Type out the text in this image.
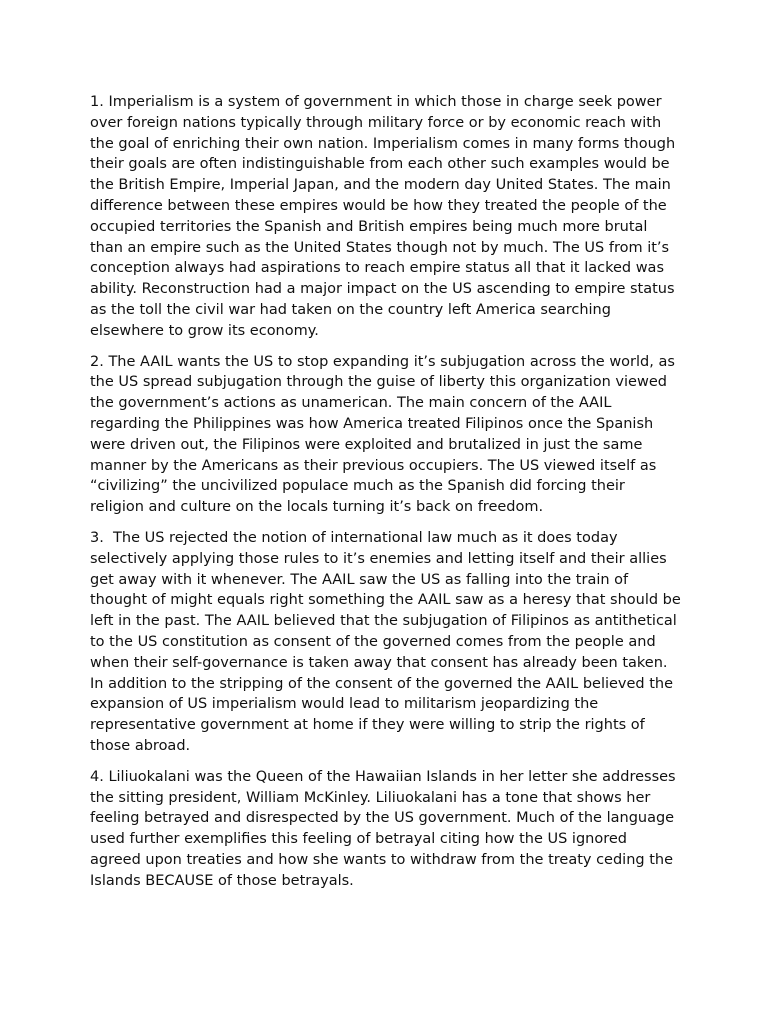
1. Imperialism is a system of government in which those in charge seek power over foreign nations typically through military force or by economic reach with the goal of enriching their own nation. Imperialism comes in many forms though their goals are often indistinguishable from each other such examples would be the British Empire, Imperial Japan, and the modern day United States. The main difference between these empires would be how they treated the people of the occupied territories the Spanish and British empires being much more brutal than an empire such as the United States though not by much. The US from it’s conception always had aspirations to reach empire status all that it lacked was ability. Reconstruction had a major impact on the US ascending to empire status as the toll the civil war had taken on the country left America searching elsewhere to grow its economy.

2. The AAIL wants the US to stop expanding it’s subjugation across the world, as the US spread subjugation through the guise of liberty this organization viewed the government’s actions as unamerican. The main concern of the AAIL regarding the Philippines was how America treated Filipinos once the Spanish were driven out, the Filipinos were exploited and brutalized in just the same manner by the Americans as their previous occupiers. The US viewed itself as “civilizing” the uncivilized populace much as the Spanish did forcing their religion and culture on the locals turning it’s back on freedom.

3.  The US rejected the notion of international law much as it does today selectively applying those rules to it’s enemies and letting itself and their allies get away with it whenever. The AAIL saw the US as falling into the train of thought of might equals right something the AAIL saw as a heresy that should be left in the past. The AAIL believed that the subjugation of Filipinos as antithetical to the US constitution as consent of the governed comes from the people and when their self-governance is taken away that consent has already been taken. In addition to the stripping of the consent of the governed the AAIL believed the expansion of US imperialism would lead to militarism jeopardizing the representative government at home if they were willing to strip the rights of those abroad.

4. Liliuokalani was the Queen of the Hawaiian Islands in her letter she addresses the sitting president, William McKinley. Liliuokalani has a tone that shows her feeling betrayed and disrespected by the US government. Much of the language used further exemplifies this feeling of betrayal citing how the US ignored agreed upon treaties and how she wants to withdraw from the treaty ceding the Islands BECAUSE of those betrayals.
